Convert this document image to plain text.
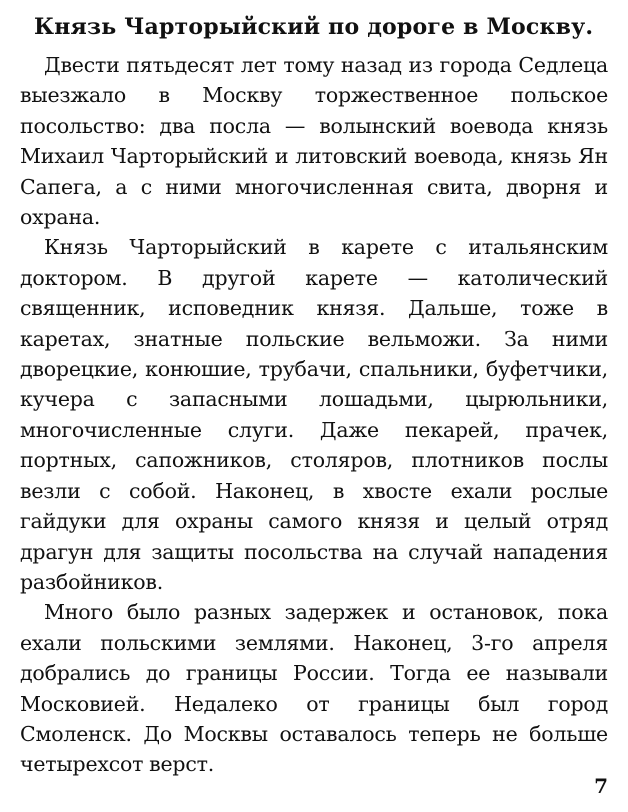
Князь Чарторыйский по дороге в Москву.

Двести пятьдесят лет тому назад из города Седлеца выезжало в Москву торжественное польское посольство: два посла — волынский воевода князь Михаил Чарторыйский и литовский воевода, князь Ян Сапега, а с ними многочисленная свита, дворня и охрана.

Князь Чарторыйский в карете с итальянским доктором. В другой карете — католический священник, исповедник князя. Дальше, тоже в каретах, знатные польские вельможи. За ними дворецкие, конюшие, трубачи, спальники, буфетчики, кучера с запасными лошадьми, цырюльники, многочисленные слуги. Даже пекарей, прачек, портных, сапожников, столяров, плотников послы везли с собой. Наконец, в хвосте ехали рослые гайдуки для охраны самого князя и целый отряд драгун для защиты посольства на случай нападения разбойников.

Много было разных задержек и остановок, пока ехали польскими землями. Наконец, 3-го апреля добрались до границы России. Тогда ее называли Московией. Недалеко от границы был город Смоленск. До Москвы оставалось теперь не больше четырехсот верст.

7
